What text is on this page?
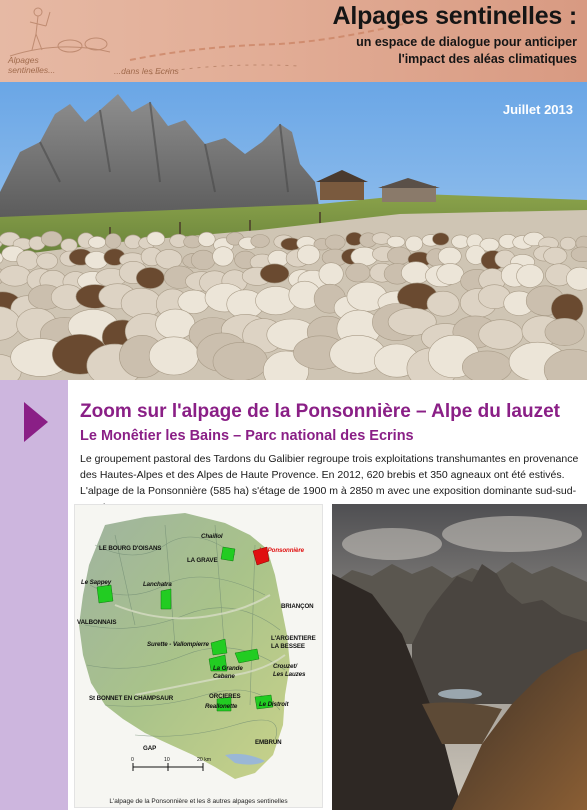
Alpages sentinelles :
un espace de dialogue pour anticiper
l'impact des aléas climatiques
Alpages sentinelles...	...dans les Ecrins
Juillet 2013
Zoom sur l'alpage de la Ponsonnière – Alpe du lauzet
Le Monêtier les Bains – Parc national des Ecrins
Le groupement pastoral des Tardons du Galibier regroupe trois exploitations transhumantes en provenance des Hautes-Alpes et des Alpes de Haute Provence. En 2012, 620 brebis et 350 agneaux ont été estivés. L'alpage de la Ponsonnière (585 ha) s'étage de 1900 m à 2850 m avec une exposition dominante sud-sud-
Chaillol
La Ponsonnière
LE BOURG D'OISANS
LA GRAVE
Le Sappey	Lanchatra
BRIANÇON
VALBONNAIS
Surette - Vallompierre
L'ARGENTIERE
LA BESSEE
La Grande
Cabane
Crouzet/
Les Lauzes
St BONNET EN CHAMPSAUR	ORCIERES
Reallonette	Le Distroit
GAP
EMBRUN
0	10	20 km
L'alpage de la Ponsonnière et les 8 autres alpages sentinelles
